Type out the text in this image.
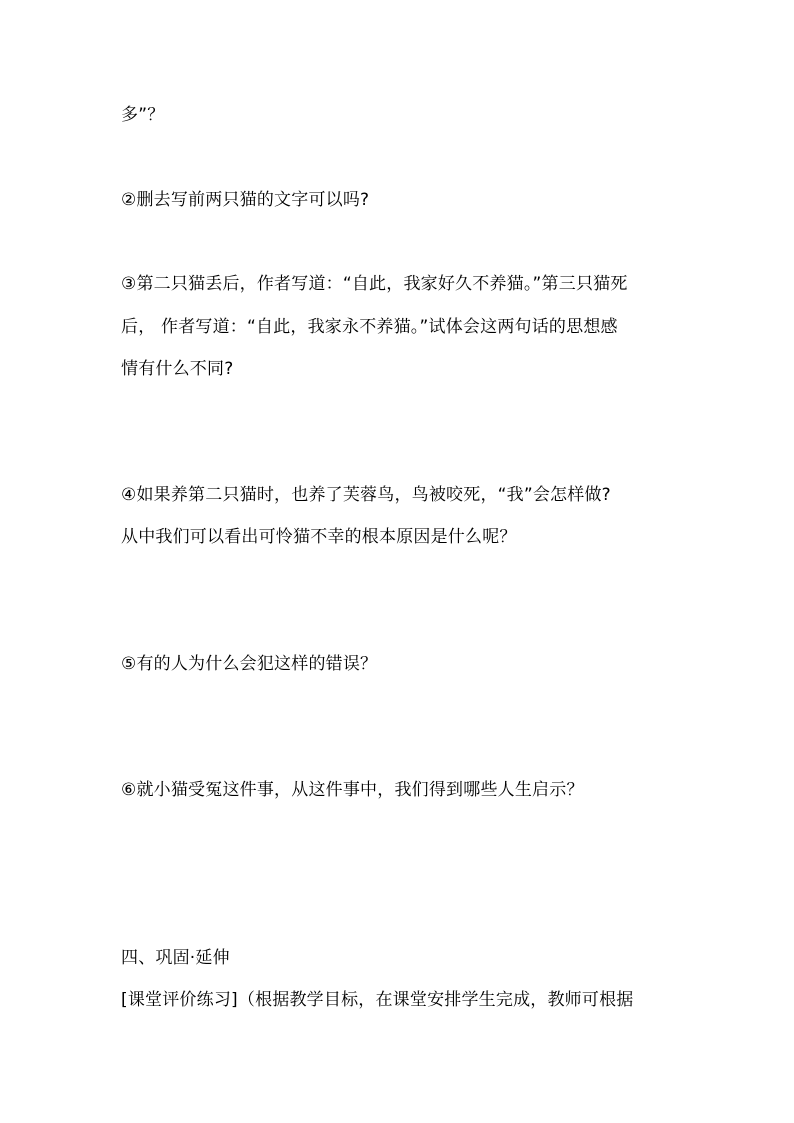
多”？
②删去写前两只猫的文字可以吗?
③第二只猫丢后，作者写道：“自此，我家好久不养猫。”第三只猫死
后， 作者写道：“自此，我家永不养猫。”试体会这两句话的思想感
情有什么不同?
④如果养第二只猫时，也养了芙蓉鸟，鸟被咬死，“我”会怎样做?
从中我们可以看出可怜猫不幸的根本原因是什么呢？
⑤有的人为什么会犯这样的错误？
⑥就小猫受冤这件事，从这件事中，我们得到哪些人生启示？
四、巩固·延伸
[课堂评价练习]（根据教学目标，在课堂安排学生完成，教师可根据
